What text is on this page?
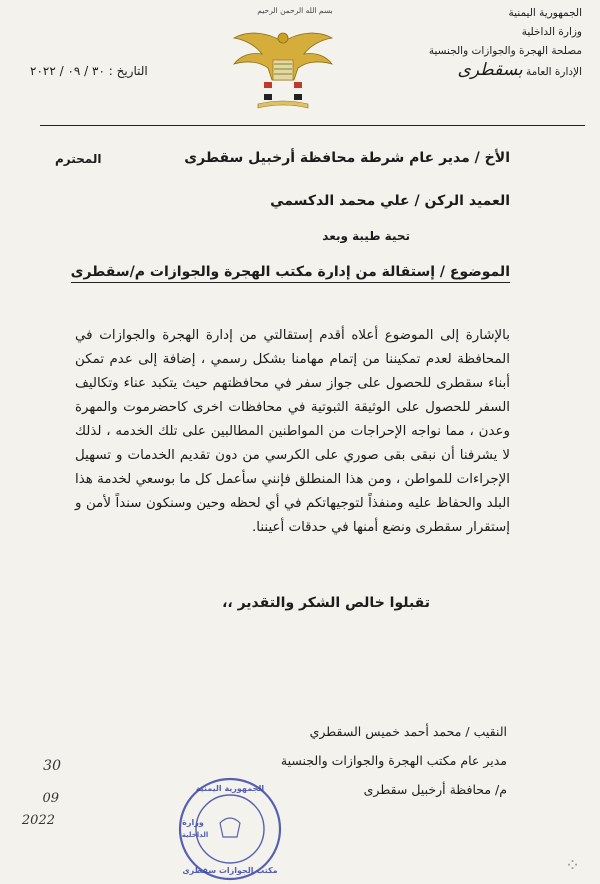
الجمهورية اليمنية
وزارة الداخلية
مصلحة الهجرة والجوازات والجنسية
الإدارة العامة بسقطرى
بسم الله الرحمن الرحيم
التاريخ : ٣٠ / ٠٩ / ٢٠٢٢
الأخ / مدير عام شرطة محافظة أرخبيل سقطرى
المحترم
العميد الركن / علي محمد الدكسمي
تحية طيبة وبعد
الموضوع / إستقالة من إدارة مكتب الهجرة والجوازات م/سقطرى

بالإشارة إلى الموضوع أعلاه أقدم إستقالتي من إدارة الهجرة والجوازات في المحافظة لعدم تمكيننا من إتمام مهامنا بشكل رسمي ، إضافة إلى عدم تمكن أبناء سقطرى للحصول على جواز سفر في محافظتهم حيث يتكبد عناء وتكاليف السفر للحصول على الوثيقة الثبوتية في محافظات اخرى كاحضرموت والمهرة وعدن ، مما نواجه الإحراجات من المواطنين المطالبين على تلك الخدمه ، لذلك لا يشرفنا أن نبقى بقى صوري على الكرسي من دون تقديم الخدمات و تسهيل الإجراءات للمواطن ، ومن هذا المنطلق فإنني سأعمل كل ما بوسعي لخدمة هذا البلد والحفاظ عليه ومنفذاً لتوجيهاتكم في أي لحظه وحين وسنكون سنداً لأمن و إستقرار سقطرى ونضع أمنها في حدقات أعيننا.

تقبلوا خالص الشكر والتقدير ،،
النقيب / محمد أحمد خميس السقطري
مدير عام مكتب الهجرة والجوازات والجنسية
م/ محافظة أرخبيل سقطرى
30
09
2022
الجمهورية اليمنية
وزارة
الداخلية
مكتب الجوازات سقطرى	⁘
